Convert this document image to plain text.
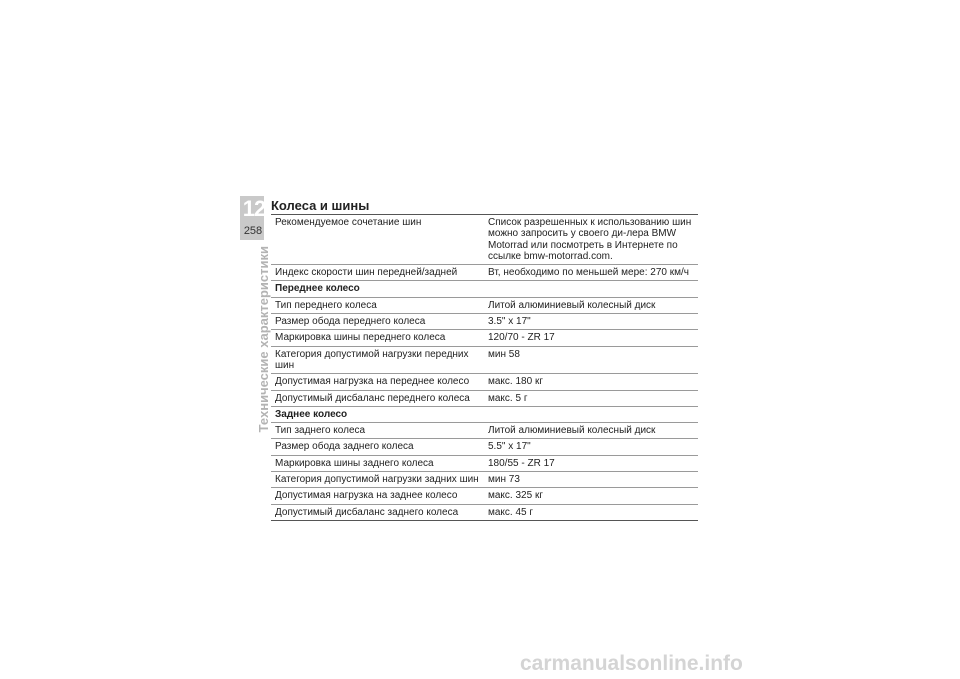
12
258
Технические характеристики
Колеса и шины
Рекомендуемое сочетание шин	Список разрешенных к использованию шин можно запросить у своего ди-лера BMW Motorrad или посмотреть в Интернете по ссылке bmw-motorrad.com.
Индекс скорости шин передней/задней	Вт, необходимо по меньшей мере: 270 км/ч
Переднее колесо	
Тип переднего колеса	Литой алюминиевый колесный диск
Размер обода переднего колеса	3.5" x 17"
Маркировка шины переднего колеса	120/70 - ZR 17
Категория допустимой нагрузки передних шин	мин 58
Допустимая нагрузка на переднее колесо	макс. 180 кг
Допустимый дисбаланс переднего колеса	макс. 5 г
Заднее колесо	
Тип заднего колеса	Литой алюминиевый колесный диск
Размер обода заднего колеса	5.5" x 17"
Маркировка шины заднего колеса	180/55 - ZR 17
Категория допустимой нагрузки задних шин	мин 73
Допустимая нагрузка на заднее колесо	макс. 325 кг
Допустимый дисбаланс заднего колеса	макс. 45 г
carmanualsonline.info
